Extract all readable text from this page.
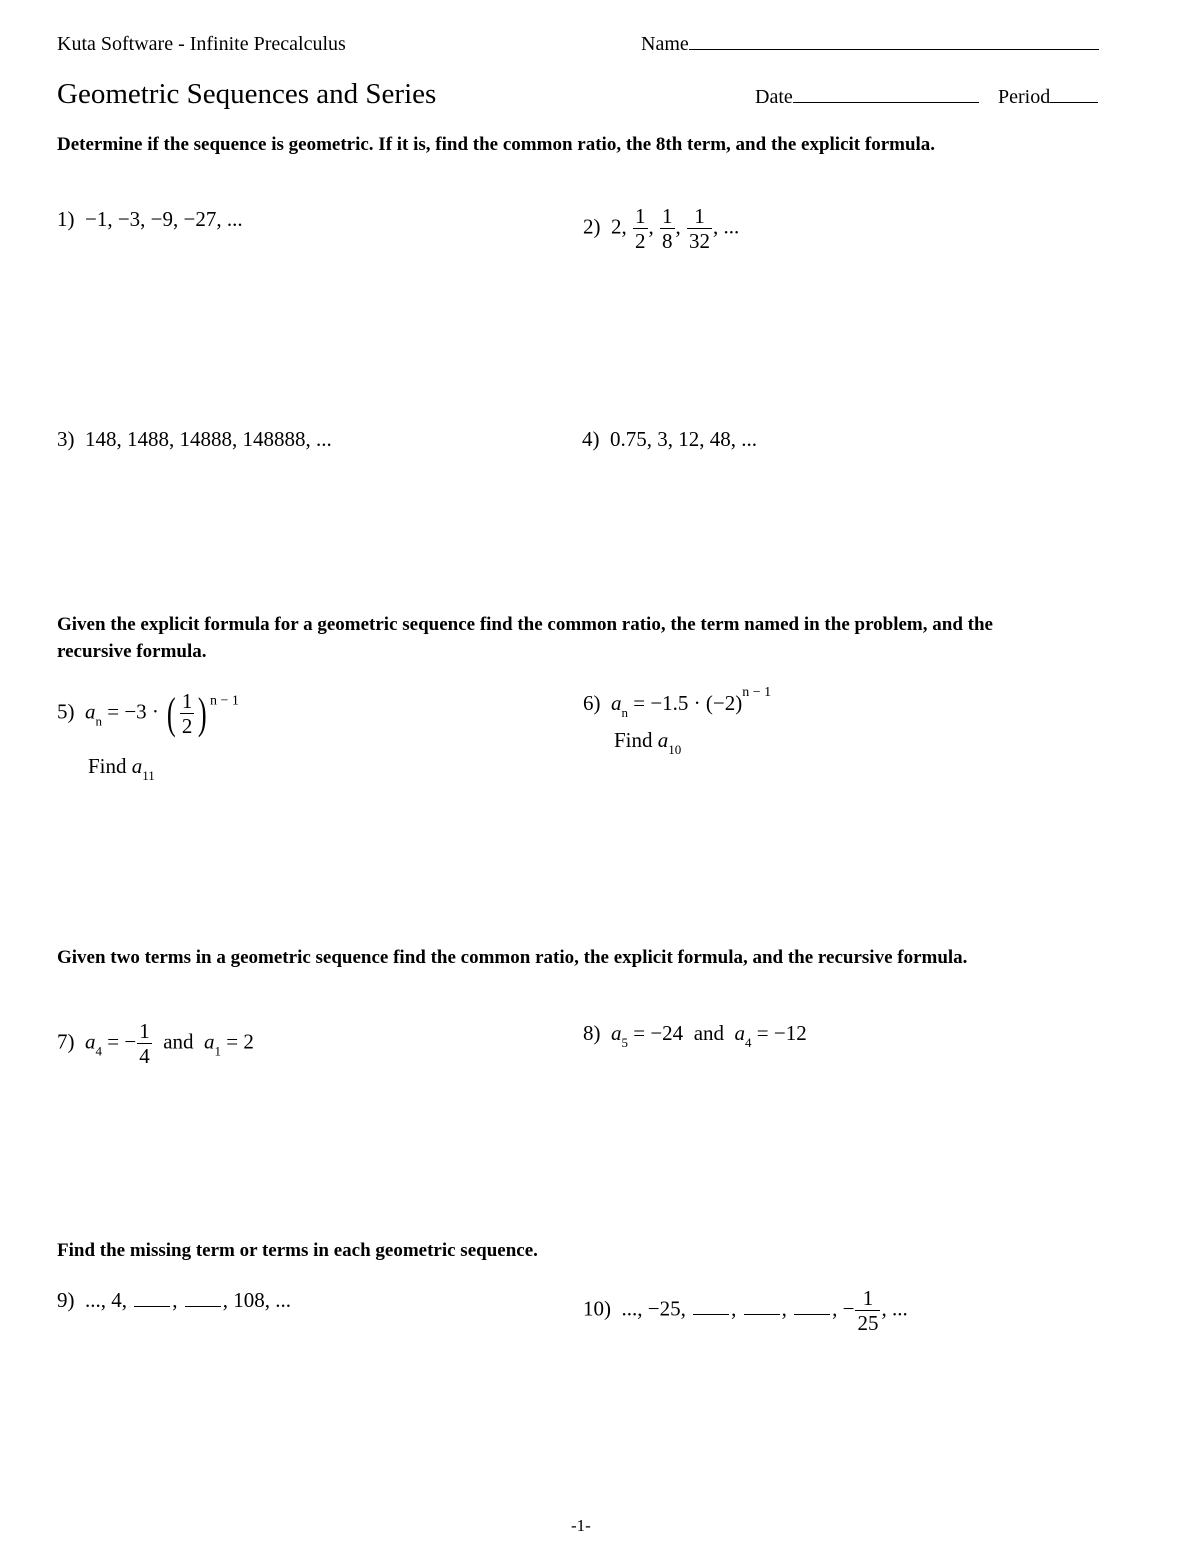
Kuta Software - Infinite Precalculus	Name
Geometric Sequences and Series	Date	Period
Determine if the sequence is geometric. If it is, find the common ratio, the 8th term, and the explicit formula.
1) −1, −3, −9, −27, ...	2) 2, $\frac{1}{2}$ , $\frac{1}{8}$ , $\frac{1}{32}$ , ...
3) 148, 1488, 14888, 148888, ...	4) 0.75, 3, 12, 48, ...
Given the explicit formula for a geometric sequence find the common ratio, the term named in the problem, and the recursive formula.
5) $a_n = -3$ · ( $\frac{1}{2}$ ) $^{n - 1}$
Find $a_{11}$
6) $a_n = -1.5 \cdot (-2)^{n - 1}$
Find $a_{10}$
Given two terms in a geometric sequence find the common ratio, the explicit formula, and the recursive formula.
7) $a_4$ = − $\frac{1}{4}$ and $a_1 = 2$	8) $a_5 = -24$ and $a_4 = -12$
Find the missing term or terms in each geometric sequence.
9) ..., 4, , , 108, ...	10) ..., −25, , , , − $\frac{1}{25}$ , ...
-1-
